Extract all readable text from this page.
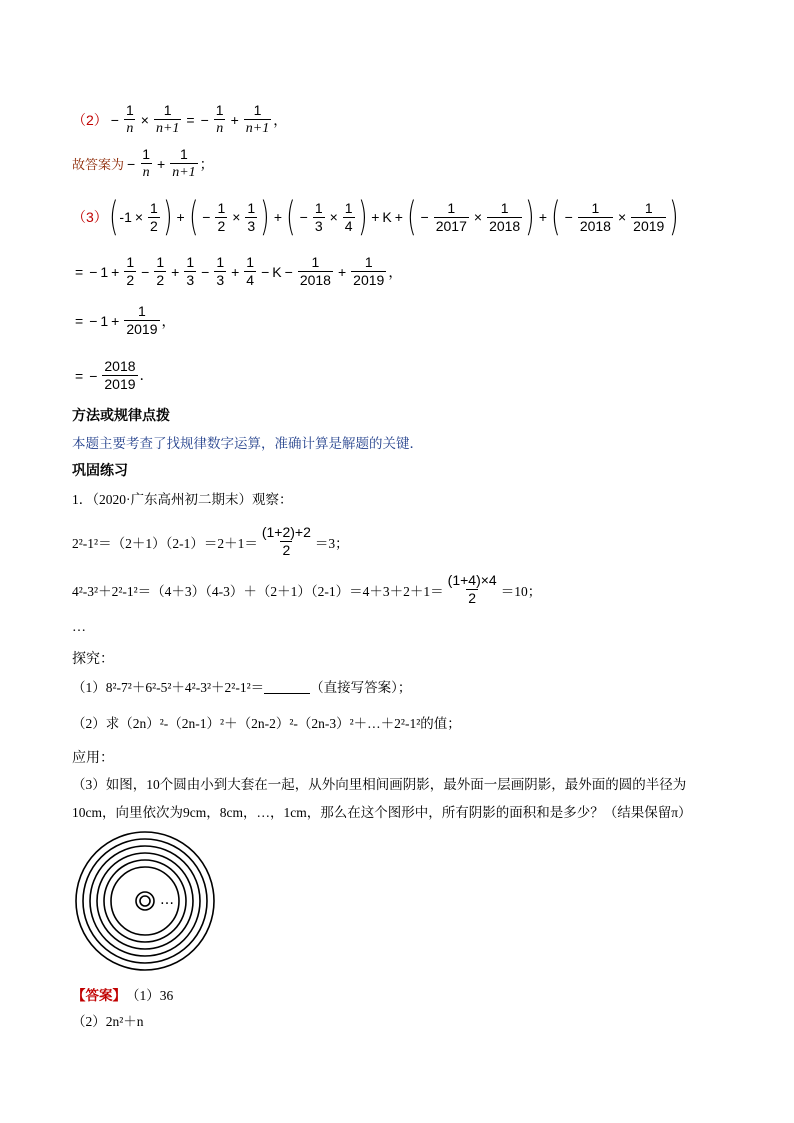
$(2) - \frac{1}{n} \times \frac{1}{n+1}$ = − $\frac{1}{n} + \frac{1}{n+1}$ ，
故答案为 − $\frac{1}{n} + \frac{1}{n+1}$ ；
（3） ( $-1 \times \frac{1}{2}$ ) + ( − $\frac{1}{2} \times \frac{1}{3}$ ) + ( − $\frac{1}{3} \times \frac{1}{4}$ ) + K + ( − $\frac{1}{2017} \times \frac{1}{2018}$ ) + ( − $\frac{1}{2018} \times \frac{1}{2019}$ )
= − $1 + \frac{1}{2} - \frac{1}{2} + \frac{1}{3} - \frac{1}{3} + \frac{1}{4} - K - \frac{1}{2018} + \frac{1}{2019}$ ，
= − $1 + \frac{1}{2019}$ ，
= − $\frac{2018}{2019}$ .
方法或规律点拨
本题主要考查了找规律数字运算，准确计算是解题的关键．
巩固练习
1．（2020·广东高州初二期末）观察：
$2^2-1^2=(2+1)(2-1)=2+1= \frac{(1+2)+2}{2} =3$；
$4^2-3^2+2^2-1^2=(4+3)(4-3)+(2+1)(2-1)=4+3+2+1= \frac{(1+4)\times 4}{2} =10$；
…
探究：
（1）8²-7²＋6²-5²＋4²-3²＋2²-1²＝	（直接写答案）；
（2）求（2n）²-（2n-1）²＋（2n-2）²-（2n-3）²＋…＋2²-1²的值；
应用：
（3）如图，10个圆由小到大套在一起，从外向里相间画阴影，最外面一层画阴影，最外面的圆的半径为
10cm，向里依次为9cm，8cm，…，1cm，那么在这个图形中，所有阴影的面积和是多少？（结果保留π）
…
【答案】 （1）36
（2）2n²＋n
